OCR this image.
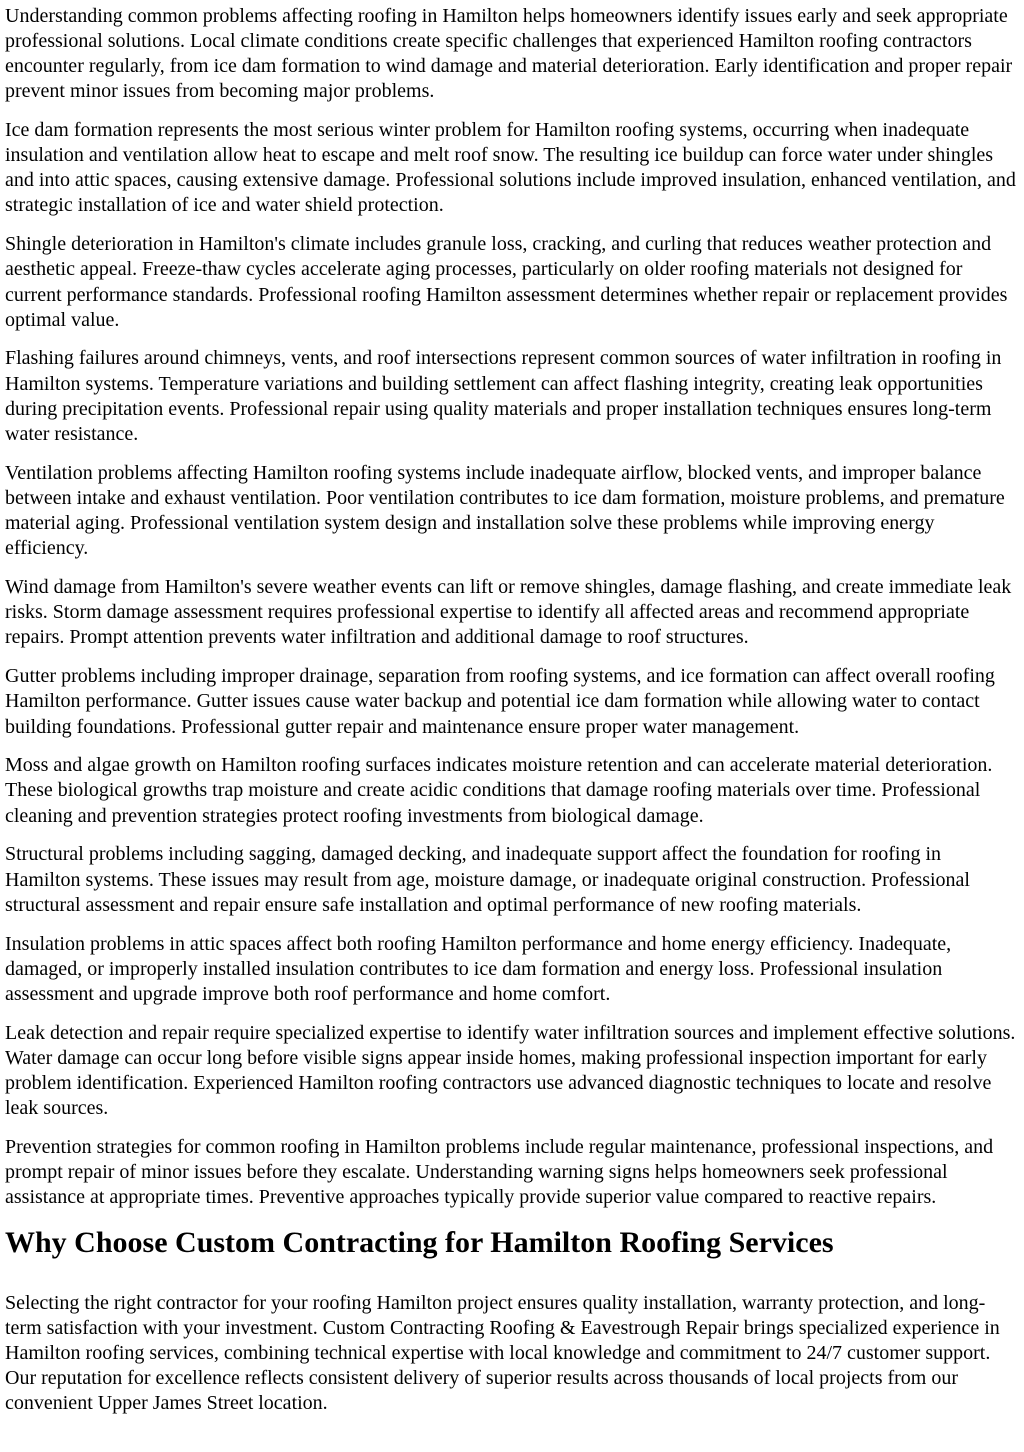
Understanding common problems affecting roofing in Hamilton helps homeowners identify issues early and seek appropriate professional solutions. Local climate conditions create specific challenges that experienced Hamilton roofing contractors encounter regularly, from ice dam formation to wind damage and material deterioration. Early identification and proper repair prevent minor issues from becoming major problems.

Ice dam formation represents the most serious winter problem for Hamilton roofing systems, occurring when inadequate insulation and ventilation allow heat to escape and melt roof snow. The resulting ice buildup can force water under shingles and into attic spaces, causing extensive damage. Professional solutions include improved insulation, enhanced ventilation, and strategic installation of ice and water shield protection.

Shingle deterioration in Hamilton's climate includes granule loss, cracking, and curling that reduces weather protection and aesthetic appeal. Freeze-thaw cycles accelerate aging processes, particularly on older roofing materials not designed for current performance standards. Professional roofing Hamilton assessment determines whether repair or replacement provides optimal value.

Flashing failures around chimneys, vents, and roof intersections represent common sources of water infiltration in roofing in Hamilton systems. Temperature variations and building settlement can affect flashing integrity, creating leak opportunities during precipitation events. Professional repair using quality materials and proper installation techniques ensures long-term water resistance.

Ventilation problems affecting Hamilton roofing systems include inadequate airflow, blocked vents, and improper balance between intake and exhaust ventilation. Poor ventilation contributes to ice dam formation, moisture problems, and premature material aging. Professional ventilation system design and installation solve these problems while improving energy efficiency.

Wind damage from Hamilton's severe weather events can lift or remove shingles, damage flashing, and create immediate leak risks. Storm damage assessment requires professional expertise to identify all affected areas and recommend appropriate repairs. Prompt attention prevents water infiltration and additional damage to roof structures.

Gutter problems including improper drainage, separation from roofing systems, and ice formation can affect overall roofing Hamilton performance. Gutter issues cause water backup and potential ice dam formation while allowing water to contact building foundations. Professional gutter repair and maintenance ensure proper water management.

Moss and algae growth on Hamilton roofing surfaces indicates moisture retention and can accelerate material deterioration. These biological growths trap moisture and create acidic conditions that damage roofing materials over time. Professional cleaning and prevention strategies protect roofing investments from biological damage.

Structural problems including sagging, damaged decking, and inadequate support affect the foundation for roofing in Hamilton systems. These issues may result from age, moisture damage, or inadequate original construction. Professional structural assessment and repair ensure safe installation and optimal performance of new roofing materials.

Insulation problems in attic spaces affect both roofing Hamilton performance and home energy efficiency. Inadequate, damaged, or improperly installed insulation contributes to ice dam formation and energy loss. Professional insulation assessment and upgrade improve both roof performance and home comfort.

Leak detection and repair require specialized expertise to identify water infiltration sources and implement effective solutions. Water damage can occur long before visible signs appear inside homes, making professional inspection important for early problem identification. Experienced Hamilton roofing contractors use advanced diagnostic techniques to locate and resolve leak sources.

Prevention strategies for common roofing in Hamilton problems include regular maintenance, professional inspections, and prompt repair of minor issues before they escalate. Understanding warning signs helps homeowners seek professional assistance at appropriate times. Preventive approaches typically provide superior value compared to reactive repairs.

Why Choose Custom Contracting for Hamilton Roofing Services

Selecting the right contractor for your roofing Hamilton project ensures quality installation, warranty protection, and long-term satisfaction with your investment. Custom Contracting Roofing & Eavestrough Repair brings specialized experience in Hamilton roofing services, combining technical expertise with local knowledge and commitment to 24/7 customer support. Our reputation for excellence reflects consistent delivery of superior results across thousands of local projects from our convenient Upper James Street location.
